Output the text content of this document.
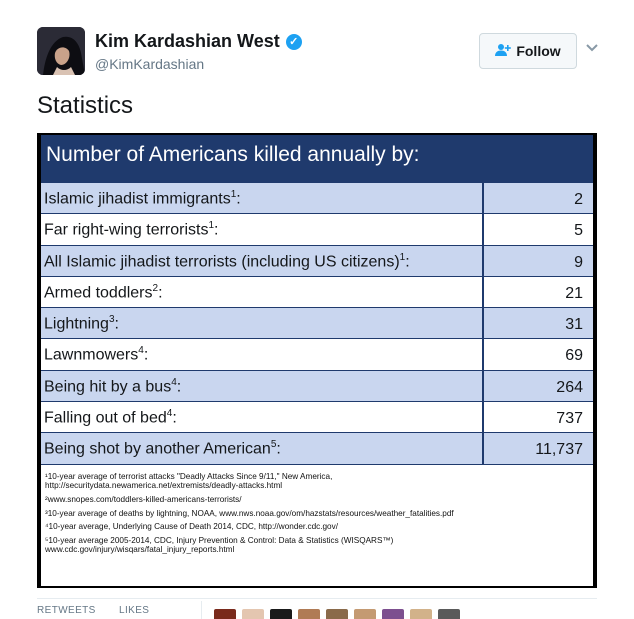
Kim Kardashian West ✓
@KimKardashian
Follow
Statistics
Number of Americans killed annually by:
Islamic jihadist immigrants$^1$:	2
Far right-wing terrorists$^1$:	5
All Islamic jihadist terrorists (including US citizens)$^1$:	9
Armed toddlers$^2$:	21
Lightning$^3$:	31
Lawnmowers$^4$:	69
Being hit by a bus$^4$:	264
Falling out of bed$^4$:	737
Being shot by another American$^5$:	11,737

¹10-year average of terrorist attacks "Deadly Attacks Since 9/11," New America,

http://securitydata.newamerica.net/extremists/deadly-attacks.html

²www.snopes.com/toddlers-killed-americans-terrorists/

³10-year average of deaths by lightning, NOAA, www.nws.noaa.gov/om/hazstats/resources/weather_fatalities.pdf

⁴10-year average, Underlying Cause of Death 2014, CDC, http://wonder.cdc.gov/

⁵10-year average 2005-2014, CDC, Injury Prevention & Control: Data & Statistics (WISQARS™)

www.cdc.gov/injury/wisqars/fatal_injury_reports.html

RETWEETS LIKES
